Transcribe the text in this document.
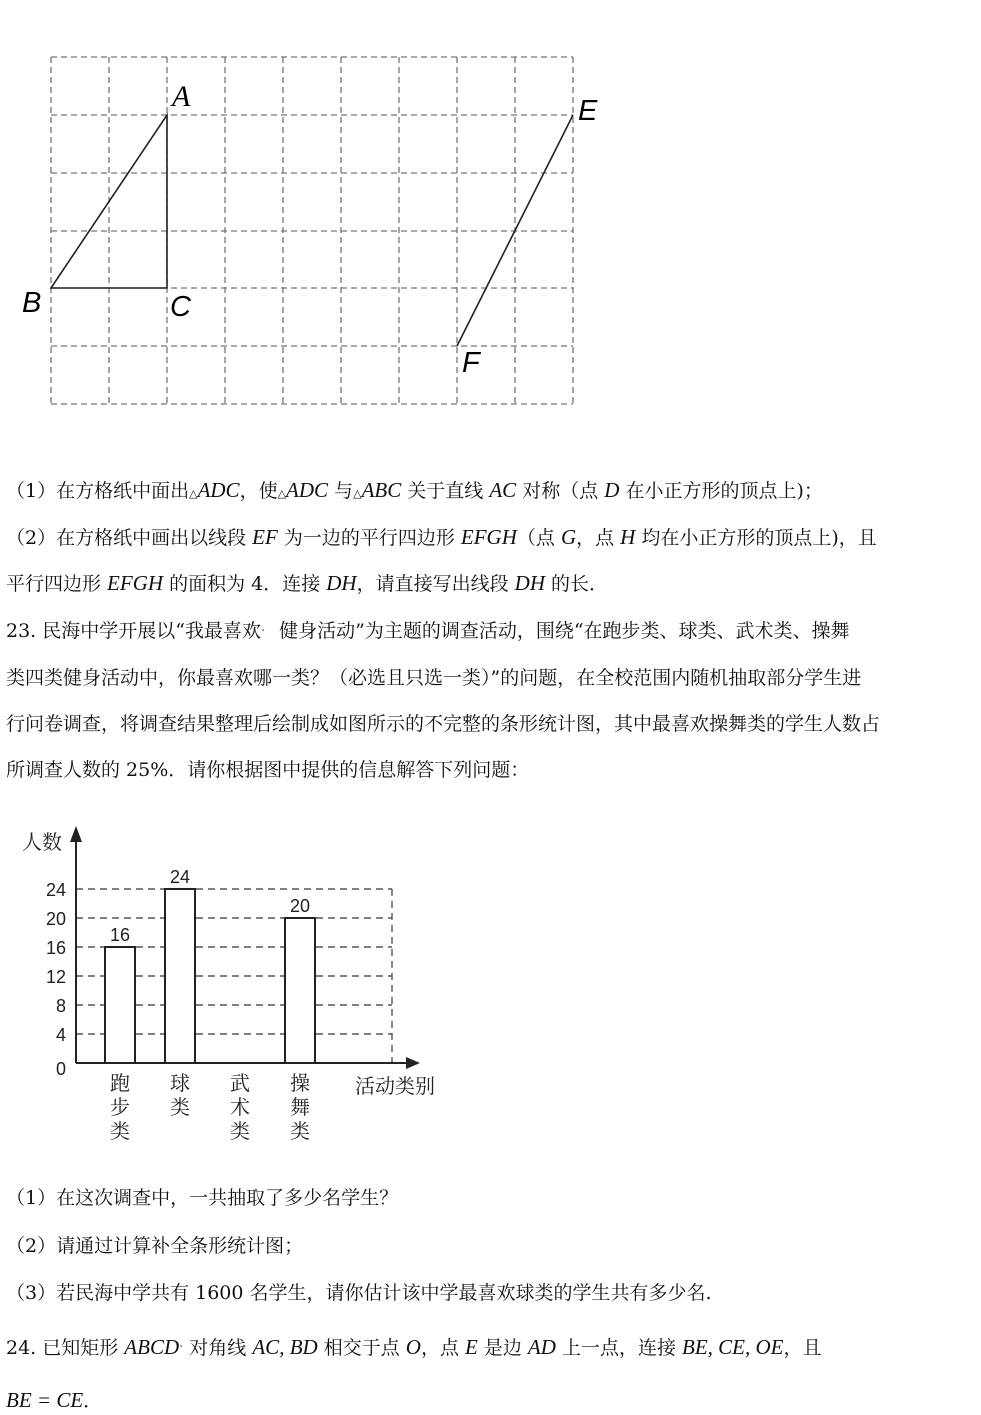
A
B	C
E
F
（1）在方格纸中面出△ADC，使△ADC 与△ABC 关于直线 AC 对称（点 D 在小正方形的顶点上)；
（2）在方格纸中画出以线段 EF 为一边的平行四边形 EFGH（点 G，点 H 均在小正方形的顶点上)，且
平行四边形 EFGH 的面积为 4．连接 DH，请直接写出线段 DH 的长．
23. 民海中学开展以“我最喜欢• 健身活动”为主题的调查活动，围绕“在跑步类、球类、武术类、操舞
类四类健身活动中，你最喜欢哪一类？（必选且只选一类）”的问题，在全校范围内随机抽取部分学生进
行问卷调查，将调查结果整理后绘制成如图所示的不完整的条形统计图，其中最喜欢操舞类的学生人数占
所调查人数的 25%．请你根据图中提供的信息解答下列问题：
0
4
8
12
16
20
24
人数
活动类别
16
跑
步
类
24
球
类
武
术
类
20
操
舞
类
（1）在这次调查中，一共抽取了多少名学生？
（2）请通过计算补全条形统计图；
（3）若民海中学共有 1600 名学生，请你估计该中学最喜欢球类的学生共有多少名.
24. 已知矩形 ABCD• 对角线 AC, BD 相交于点 O，点 E 是边 AD 上一点，连接 BE, CE, OE，且
BE = CE．
